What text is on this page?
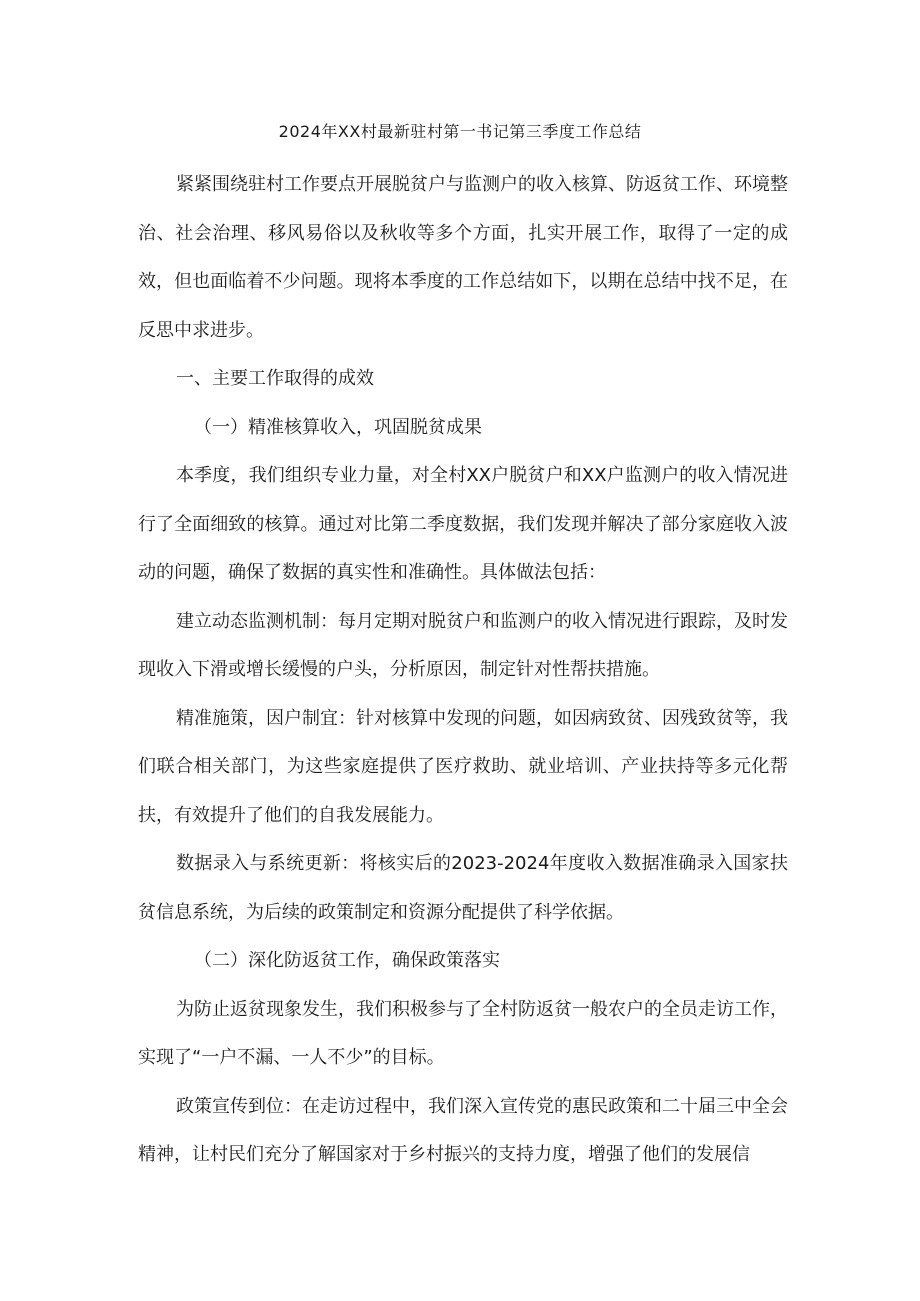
2024年XX村最新驻村第一书记第三季度工作总结

紧紧围绕驻村工作要点开展脱贫户与监测户的收入核算、防返贫工作、环境整治、社会治理、移风易俗以及秋收等多个方面，扎实开展工作，取得了一定的成效，但也面临着不少问题。现将本季度的工作总结如下，以期在总结中找不足，在反思中求进步。

一、主要工作取得的成效

（一）精准核算收入，巩固脱贫成果

本季度，我们组织专业力量，对全村XX户脱贫户和XX户监测户的收入情况进行了全面细致的核算。通过对比第二季度数据，我们发现并解决了部分家庭收入波动的问题，确保了数据的真实性和准确性。具体做法包括：

建立动态监测机制：每月定期对脱贫户和监测户的收入情况进行跟踪，及时发现收入下滑或增长缓慢的户头，分析原因，制定针对性帮扶措施。

精准施策，因户制宜：针对核算中发现的问题，如因病致贫、因残致贫等，我们联合相关部门，为这些家庭提供了医疗救助、就业培训、产业扶持等多元化帮扶，有效提升了他们的自我发展能力。

数据录入与系统更新：将核实后的2023-2024年度收入数据准确录入国家扶贫信息系统，为后续的政策制定和资源分配提供了科学依据。

（二）深化防返贫工作，确保政策落实

为防止返贫现象发生，我们积极参与了全村防返贫一般农户的全员走访工作，实现了“一户不漏、一人不少”的目标。

政策宣传到位：在走访过程中，我们深入宣传党的惠民政策和二十届三中全会精神，让村民们充分了解国家对于乡村振兴的支持力度，增强了他们的发展信
